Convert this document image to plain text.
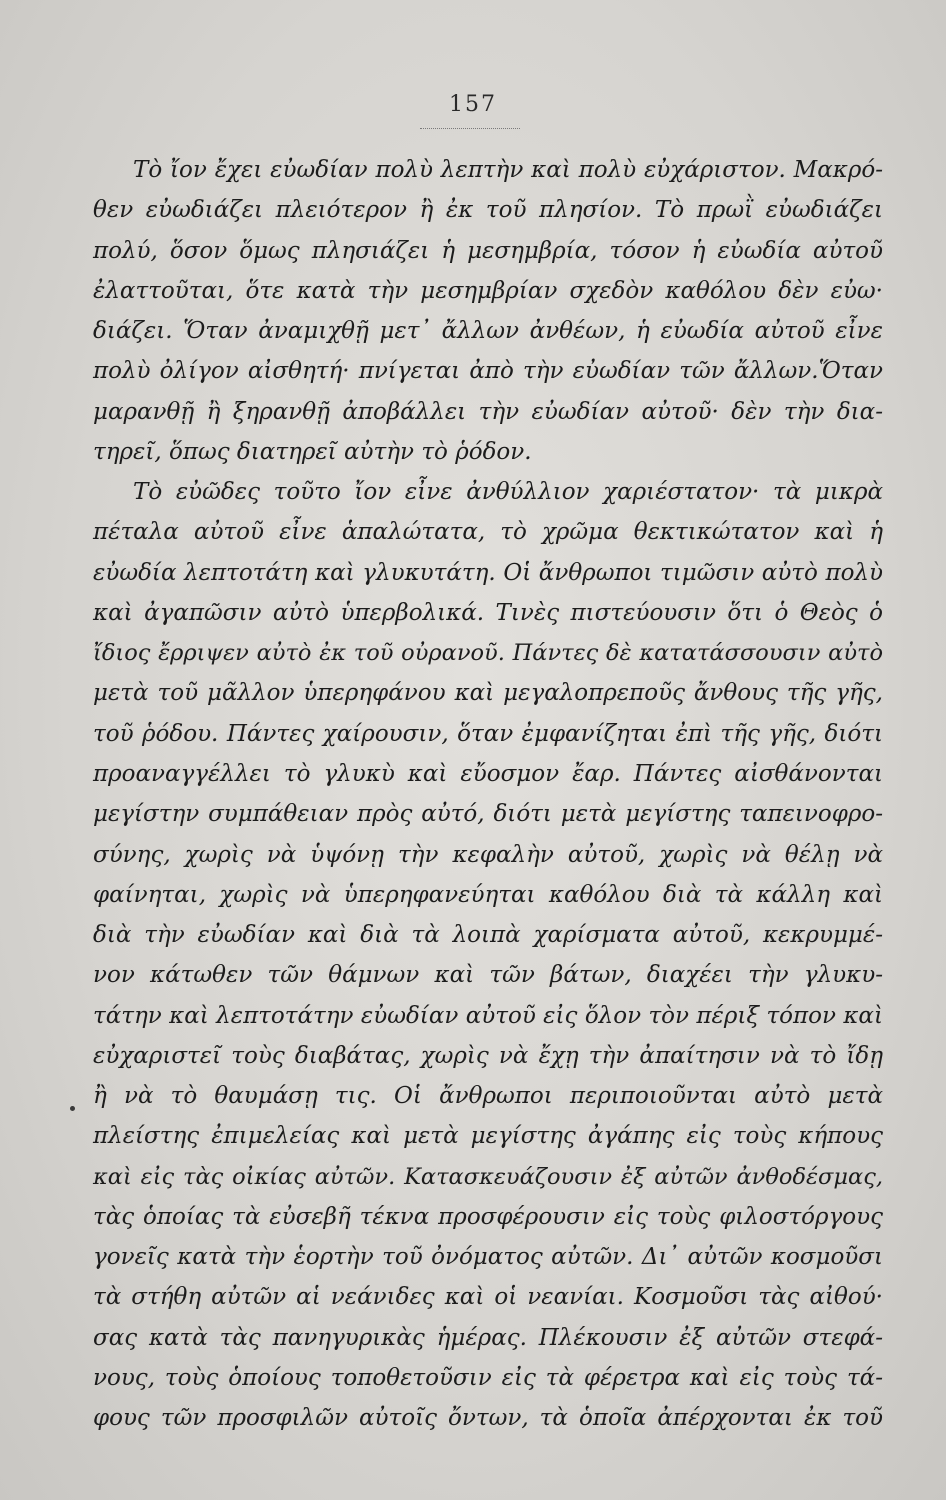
157
Τὸ ἴον ἔχει εὐωδίαν πολὺ λεπτὴν καὶ πολὺ εὐχάριστον. Μακρό-
θεν εὐωδιάζει πλειότερον ἢ ἐκ τοῦ πλησίον. Τὸ πρωῒ εὐωδιάζει
πολύ, ὅσον ὅμως πλησιάζει ἡ μεσημβρία, τόσον ἡ εὐωδία αὐτοῦ
ἐλαττοῦται, ὅτε κατὰ τὴν μεσημβρίαν σχεδὸν καθόλου δὲν εὐω·
διάζει. Ὅταν ἀναμιχθῇ μετ᾽ ἄλλων ἀνθέων, ἡ εὐωδία αὐτοῦ εἶνε
πολὺ ὀλίγον αἰσθητή· πνίγεται ἀπὸ τὴν εὐωδίαν τῶν ἄλλων.Ὅταν
μαρανθῇ ἢ ξηρανθῇ ἀποβάλλει τὴν εὐωδίαν αὐτοῦ· δὲν τὴν δια-
τηρεῖ, ὅπως διατηρεῖ αὐτὴν τὸ ῥόδον.
Τὸ εὐῶδες τοῦτο ἴον εἶνε ἀνθύλλιον χαριέστατον· τὰ μικρὰ
πέταλα αὐτοῦ εἶνε ἁπαλώτατα, τὸ χρῶμα θεκτικώτατον καὶ ἡ
εὐωδία λεπτοτάτη καὶ γλυκυτάτη. Οἱ ἄνθρωποι τιμῶσιν αὐτὸ πολὺ
καὶ ἀγαπῶσιν αὐτὸ ὑπερβολικά. Τινὲς πιστεύουσιν ὅτι ὁ Θεὸς ὁ
ἴδιος ἔρριψεν αὐτὸ ἐκ τοῦ οὐρανοῦ. Πάντες δὲ κατατάσσουσιν αὐτὸ
μετὰ τοῦ μᾶλλον ὑπερηφάνου καὶ μεγαλοπρεποῦς ἄνθους τῆς γῆς,
τοῦ ῥόδου. Πάντες χαίρουσιν, ὅταν ἐμφανίζηται ἐπὶ τῆς γῆς, διότι
προαναγγέλλει τὸ γλυκὺ καὶ εὔοσμον ἔαρ. Πάντες αἰσθάνονται
μεγίστην συμπάθειαν πρὸς αὐτό, διότι μετὰ μεγίστης ταπεινοφρο-
σύνης, χωρὶς νὰ ὑψόνῃ τὴν κεφαλὴν αὐτοῦ, χωρὶς νὰ θέλῃ νὰ
φαίνηται, χωρὶς νὰ ὑπερηφανεύηται καθόλου διὰ τὰ κάλλη καὶ
διὰ τὴν εὐωδίαν καὶ διὰ τὰ λοιπὰ χαρίσματα αὐτοῦ, κεκρυμμέ-
νον κάτωθεν τῶν θάμνων καὶ τῶν βάτων, διαχέει τὴν γλυκυ-
τάτην καὶ λεπτοτάτην εὐωδίαν αὐτοῦ εἰς ὅλον τὸν πέριξ τόπον καὶ
εὐχαριστεῖ τοὺς διαβάτας, χωρὶς νὰ ἔχῃ τὴν ἀπαίτησιν νὰ τὸ ἴδῃ
ἢ νὰ τὸ θαυμάσῃ τις. Οἱ ἄνθρωποι περιποιοῦνται αὐτὸ μετὰ
πλείστης ἐπιμελείας καὶ μετὰ μεγίστης ἀγάπης εἰς τοὺς κήπους
καὶ εἰς τὰς οἰκίας αὐτῶν. Κατασκευάζουσιν ἐξ αὐτῶν ἀνθοδέσμας,
τὰς ὁποίας τὰ εὐσεβῆ τέκνα προσφέρουσιν εἰς τοὺς φιλοστόργους
γονεῖς κατὰ τὴν ἑορτὴν τοῦ ὀνόματος αὐτῶν. Δι᾽ αὐτῶν κοσμοῦσι
τὰ στήθη αὐτῶν αἱ νεάνιδες καὶ οἱ νεανίαι. Κοσμοῦσι τὰς αἰθού·
σας κατὰ τὰς πανηγυρικὰς ἡμέρας. Πλέκουσιν ἐξ αὐτῶν στεφά-
νους, τοὺς ὁποίους τοποθετοῦσιν εἰς τὰ φέρετρα καὶ εἰς τοὺς τά-
φους τῶν προσφιλῶν αὐτοῖς ὄντων, τὰ ὁποῖα ἀπέρχονται ἐκ τοῦ
